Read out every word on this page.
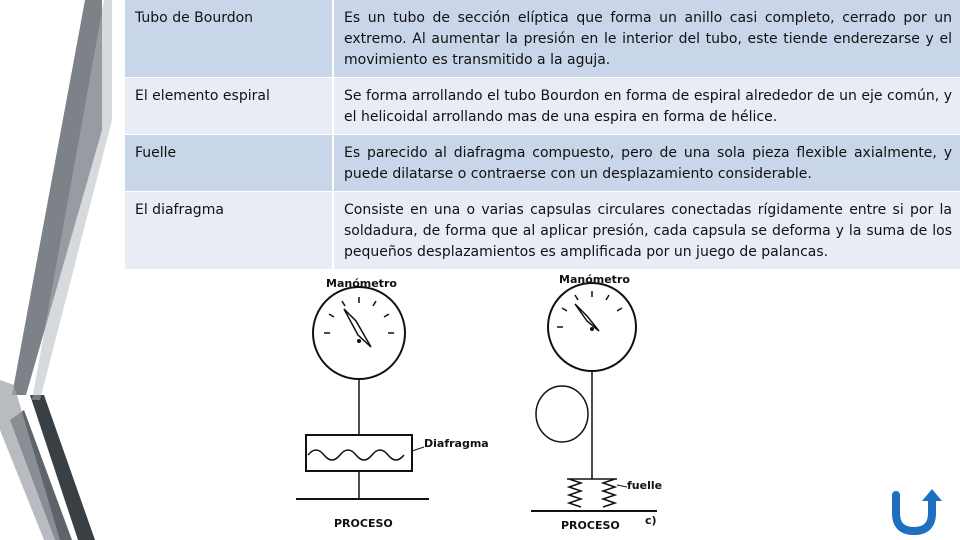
Tubo de Bourdon	Es un tubo de sección elíptica que forma un anillo casi completo, cerrado por un extremo. Al aumentar la presión en le interior del tubo, este tiende enderezarse y el movimiento es transmitido a la aguja.
El elemento espiral	Se forma arrollando el tubo Bourdon en forma de espiral alrededor de un eje común, y el helicoidal arrollando mas de una espira en forma de hélice.
Fuelle	Es parecido al diafragma compuesto, pero de una sola pieza flexible axialmente, y puede dilatarse o contraerse con un desplazamiento considerable.
El diafragma	Consiste en una o varias capsulas circulares conectadas rígidamente entre si por la soldadura, de forma que al aplicar presión, cada capsula se deforma y la suma de los pequeños desplazamientos es amplificada por un juego de palancas.
Manómetro
Diafragma
PROCESO
Manómetro
fuelle
PROCESO c)
